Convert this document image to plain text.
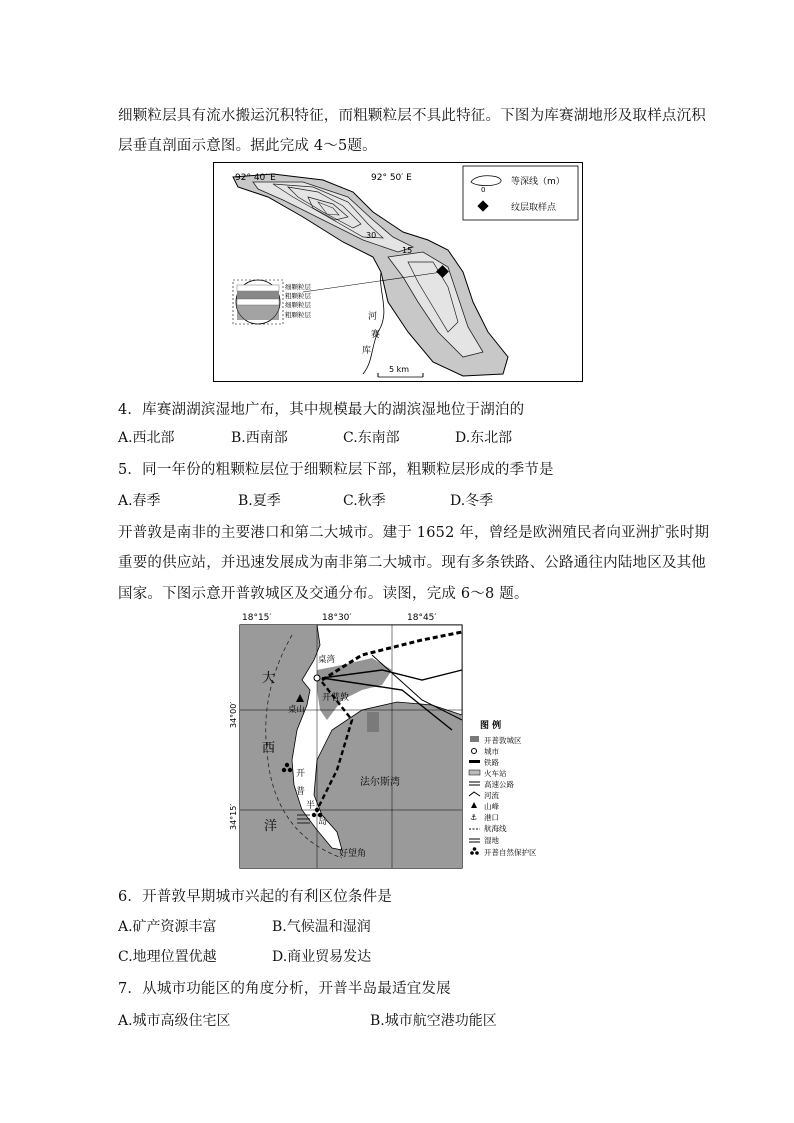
细颗粒层具有流水搬运沉积特征，而粗颗粒层不具此特征。下图为库赛湖地形及取样点沉积
层垂直剖面示意图。据此完成 4～5题。
细颗粒层
粗颗粒层
细颗粒层
粗颗粒层
92° 40′ E	92° 50′ E
30
15
河
赛
库
5 km
0
等深线（m）
纹层取样点
4．库赛湖湖滨湿地广布，其中规模最大的湖滨湿地位于湖泊的
A.西北部	B.西南部	C.东南部	D.东北部
5．同一年份的粗颗粒层位于细颗粒层下部，粗颗粒层形成的季节是
A.春季	B.夏季	C.秋季	D.冬季
开普敦是南非的主要港口和第二大城市。建于 1652 年，曾经是欧洲殖民者向亚洲扩张时期
重要的供应站，并迅速发展成为南非第二大城市。现有多条铁路、公路通往内陆地区及其他
国家。下图示意开普敦城区及交通分布。读图，完成 6～8 题。
18°15′	18°30′	18°45′
34°00′
34°15′
大
西
洋
法尔斯湾
桌湾
桌山
开普敦
开
普
半
岛
好望角
图 例
开普敦城区
城市
铁路
火车站
高速公路
河流
山峰
⚓ 港口
航海线
湿地
开普自然保护区
6．开普敦早期城市兴起的有利区位条件是
A.矿产资源丰富	B.气候温和湿润
C.地理位置优越	D.商业贸易发达
7．从城市功能区的角度分析，开普半岛最适宜发展
A.城市高级住宅区	B.城市航空港功能区
